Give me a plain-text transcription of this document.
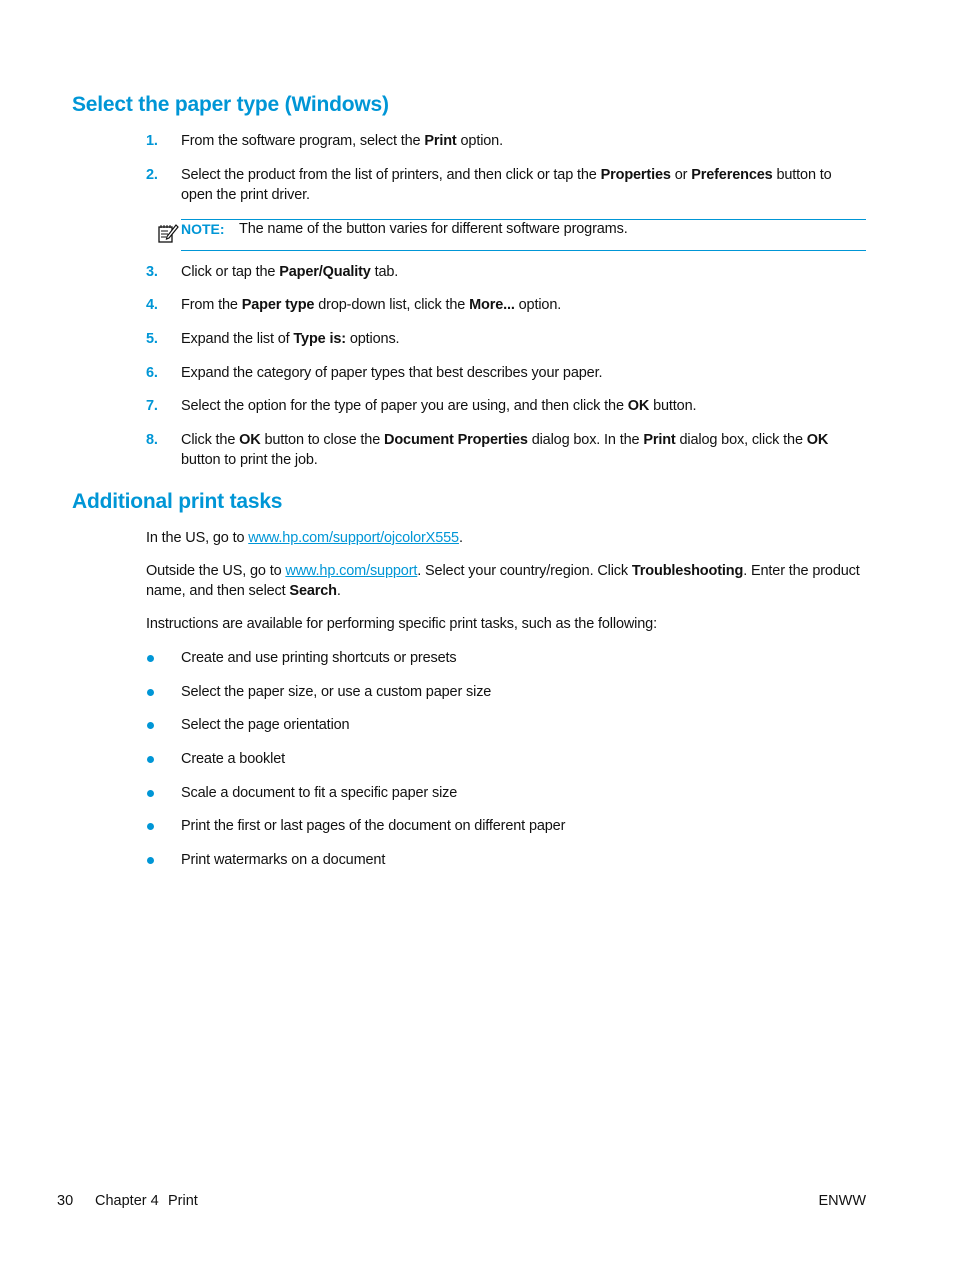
Select the paper type (Windows)
1. From the software program, select the Print option.
2. Select the product from the list of printers, and then click or tap the Properties or Preferences button to open the print driver.
NOTE: The name of the button varies for different software programs.
3. Click or tap the Paper/Quality tab.
4. From the Paper type drop-down list, click the More... option.
5. Expand the list of Type is: options.
6. Expand the category of paper types that best describes your paper.
7. Select the option for the type of paper you are using, and then click the OK button.
8. Click the OK button to close the Document Properties dialog box. In the Print dialog box, click the OK button to print the job.
Additional print tasks
In the US, go to www.hp.com/support/ojcolorX555.
Outside the US, go to www.hp.com/support. Select your country/region. Click Troubleshooting. Enter the product name, and then select Search.
Instructions are available for performing specific print tasks, such as the following:
Create and use printing shortcuts or presets
Select the paper size, or use a custom paper size
Select the page orientation
Create a booklet
Scale a document to fit a specific paper size
Print the first or last pages of the document on different paper
Print watermarks on a document
30 Chapter 4 Print	ENWW
